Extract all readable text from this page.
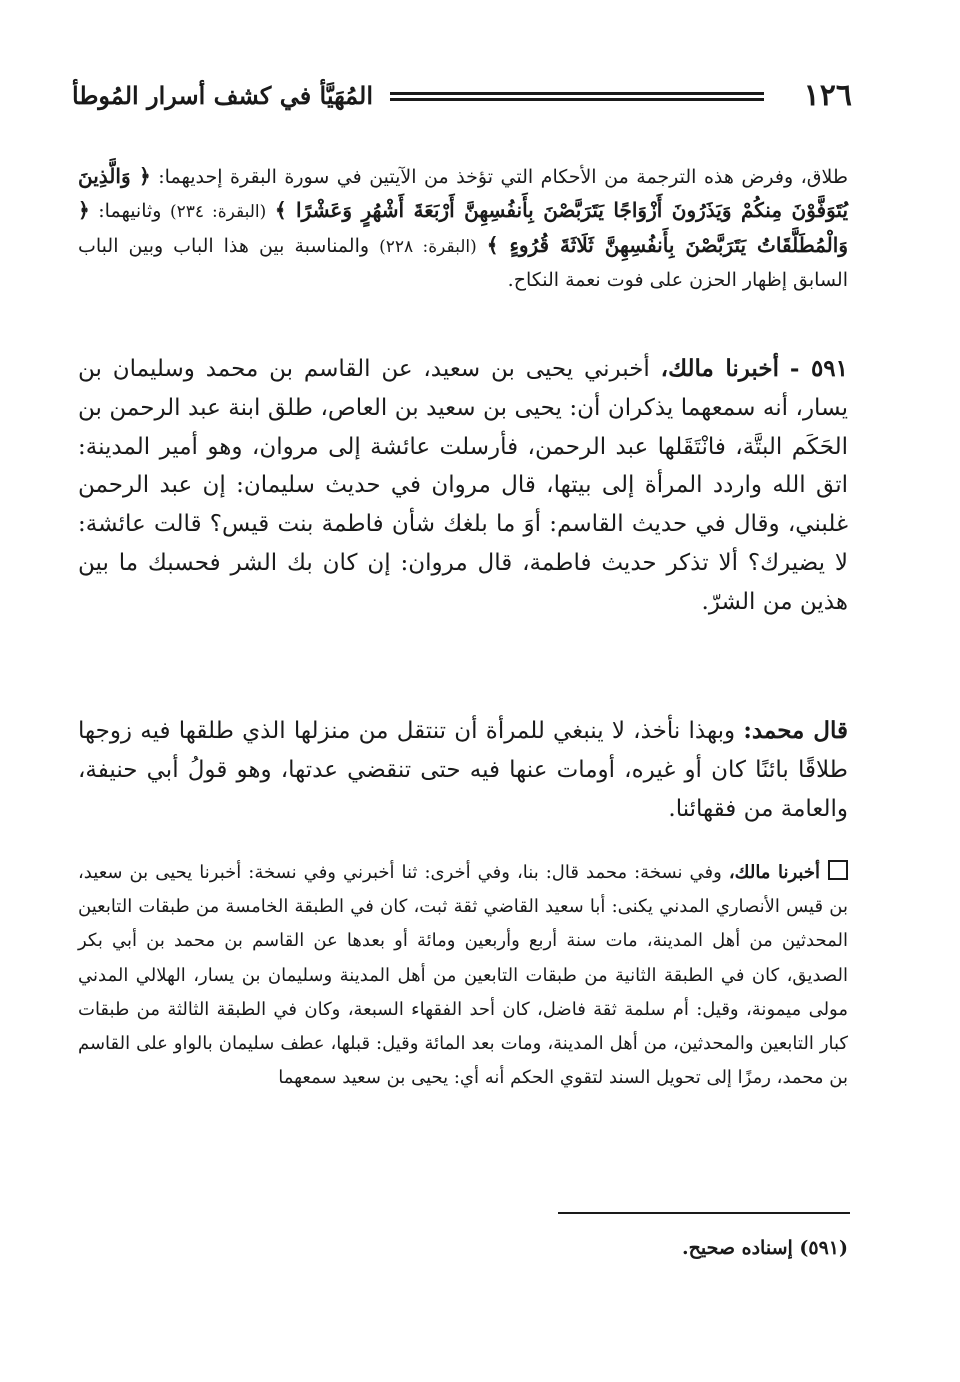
١٢٦
المُهَيَّأ في كشف أسرار المُوطأ
طلاق، وفرض هذه الترجمة من الأحكام التي تؤخذ من الآيتين في سورة البقرة إحديهما: ﴿ وَالَّذِينَ يُتَوَفَّوْنَ مِنكُمْ وَيَذَرُونَ أَزْوَاجًا يَتَرَبَّصْنَ بِأَنفُسِهِنَّ أَرْبَعَةَ أَشْهُرٍ وَعَشْرًا ﴾ (البقرة: ٢٣٤) وثانيهما: ﴿ وَالْمُطَلَّقَاتُ يَتَرَبَّصْنَ بِأَنفُسِهِنَّ ثَلَاثَةَ قُرُوءٍ ﴾ (البقرة: ٢٢٨) والمناسبة بين هذا الباب وبين الباب السابق إظهار الحزن على فوت نعمة النكاح.
٥٩١ - أخبرنا مالك، أخبرني يحيى بن سعيد، عن القاسم بن محمد وسليمان بن يسار، أنه سمعهما يذكران أن: يحيى بن سعيد بن العاص، طلق ابنة عبد الرحمن بن الحَكَم البتَّة، فانْتَقَلها عبد الرحمن، فأرسلت عائشة إلى مروان، وهو أمير المدينة: اتق الله واردد المرأة إلى بيتها، قال مروان في حديث سليمان: إن عبد الرحمن غلبني، وقال في حديث القاسم: أوَ ما بلغك شأن فاطمة بنت قيس؟ قالت عائشة: لا يضيرك؟ ألا تذكر حديث فاطمة، قال مروان: إن كان بك الشر فحسبك ما بين هذين من الشرّ.
قال محمد: وبهذا نأخذ، لا ينبغي للمرأة أن تنتقل من منزلها الذي طلقها فيه زوجها طلاقًا بائنًا كان أو غيره، أومات عنها فيه حتى تنقضي عدتها، وهو قولُ أبي حنيفة، والعامة من فقهائنا.
أخبرنا مالك، وفي نسخة: محمد قال: بنا، وفي أخرى: ثنا أخبرني وفي نسخة: أخبرنا يحيى بن سعيد، بن قيس الأنصاري المدني يكنى: أبا سعيد القاضي ثقة ثبت، كان في الطبقة الخامسة من طبقات التابعين المحدثين من أهل المدينة، مات سنة أربع وأربعين ومائة أو بعدها عن القاسم بن محمد بن أبي بكر الصديق، كان في الطبقة الثانية من طبقات التابعين من أهل المدينة وسليمان بن يسار، الهلالي المدني مولى ميمونة، وقيل: أم سلمة ثقة فاضل، كان أحد الفقهاء السبعة، وكان في الطبقة الثالثة من طبقات كبار التابعين والمحدثين، من أهل المدينة، ومات بعد المائة وقيل: قبلها، عطف سليمان بالواو على القاسم بن محمد، رمزًا إلى تحويل السند لتقوي الحكم أنه أي: يحيى بن سعيد سمعهما
(٥٩١) إسناده صحيح.
